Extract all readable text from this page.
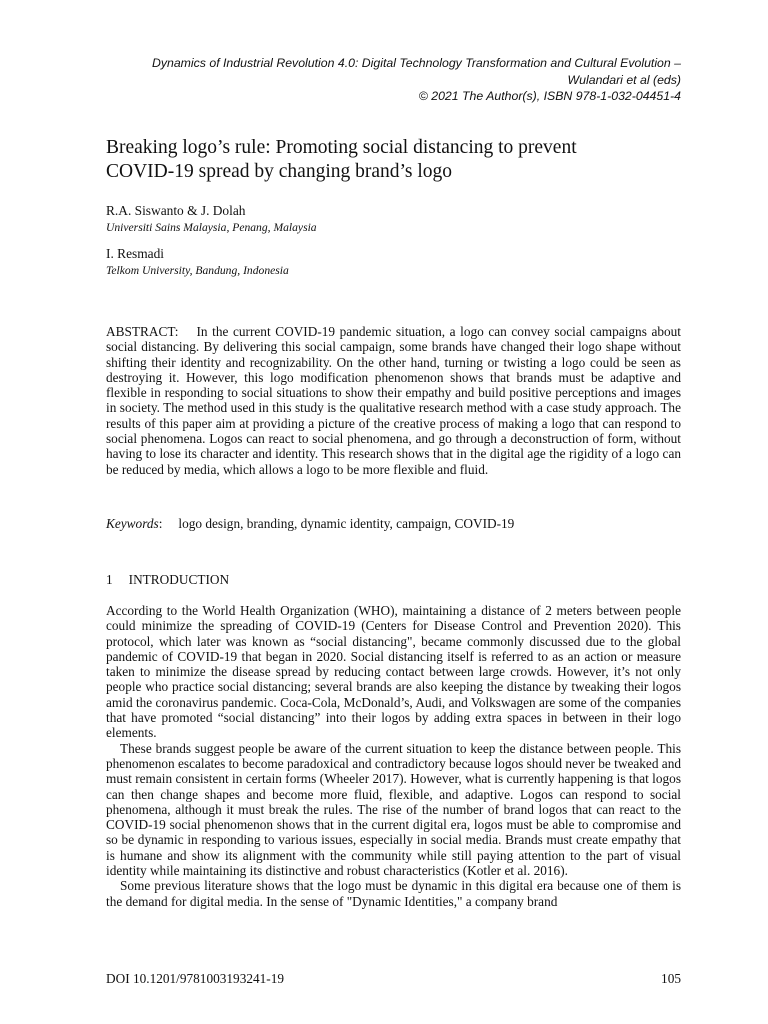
Dynamics of Industrial Revolution 4.0: Digital Technology Transformation and Cultural Evolution –
Wulandari et al (eds)
© 2021 The Author(s), ISBN 978-1-032-04451-4
Breaking logo’s rule: Promoting social distancing to prevent
COVID-19 spread by changing brand’s logo
R.A. Siswanto & J. Dolah
Universiti Sains Malaysia, Penang, Malaysia
I. Resmadi
Telkom University, Bandung, Indonesia

ABSTRACT: In the current COVID-19 pandemic situation, a logo can convey social campaigns about social distancing. By delivering this social campaign, some brands have changed their logo shape without shifting their identity and recognizability. On the other hand, turning or twisting a logo could be seen as destroying it. However, this logo modification phenomenon shows that brands must be adaptive and flexible in responding to social situations to show their empathy and build positive perceptions and images in society. The method used in this study is the qualitative research method with a case study approach. The results of this paper aim at providing a picture of the creative process of making a logo that can respond to social phenomena. Logos can react to social phenomena, and go through a deconstruction of form, without having to lose its character and identity. This research shows that in the digital age the rigidity of a logo can be reduced by media, which allows a logo to be more flexible and fluid.

Keywords: logo design, branding, dynamic identity, campaign, COVID-19
1 INTRODUCTION

According to the World Health Organization (WHO), maintaining a distance of 2 meters between people could minimize the spreading of COVID-19 (Centers for Disease Control and Prevention 2020). This protocol, which later was known as “social distancing", became commonly discussed due to the global pandemic of COVID-19 that began in 2020. Social distancing itself is referred to as an action or measure taken to minimize the disease spread by reducing contact between large crowds. However, it’s not only people who practice social distancing; several brands are also keeping the distance by tweaking their logos amid the coronavirus pandemic. Coca-Cola, McDonald’s, Audi, and Volkswagen are some of the companies that have promoted “social distancing” into their logos by adding extra spaces in between in their logo elements.

These brands suggest people be aware of the current situation to keep the distance between people. This phenomenon escalates to become paradoxical and contradictory because logos should never be tweaked and must remain consistent in certain forms (Wheeler 2017). However, what is currently happening is that logos can then change shapes and become more fluid, flexible, and adaptive. Logos can respond to social phenomena, although it must break the rules. The rise of the number of brand logos that can react to the COVID-19 social phenomenon shows that in the current digital era, logos must be able to compromise and so be dynamic in responding to various issues, especially in social media. Brands must create empathy that is humane and show its alignment with the community while still paying attention to the part of visual identity while maintaining its distinctive and robust characteristics (Kotler et al. 2016).

Some previous literature shows that the logo must be dynamic in this digital era because one of them is the demand for digital media. In the sense of "Dynamic Identities," a company brand

DOI 10.1201/9781003193241-19	105
